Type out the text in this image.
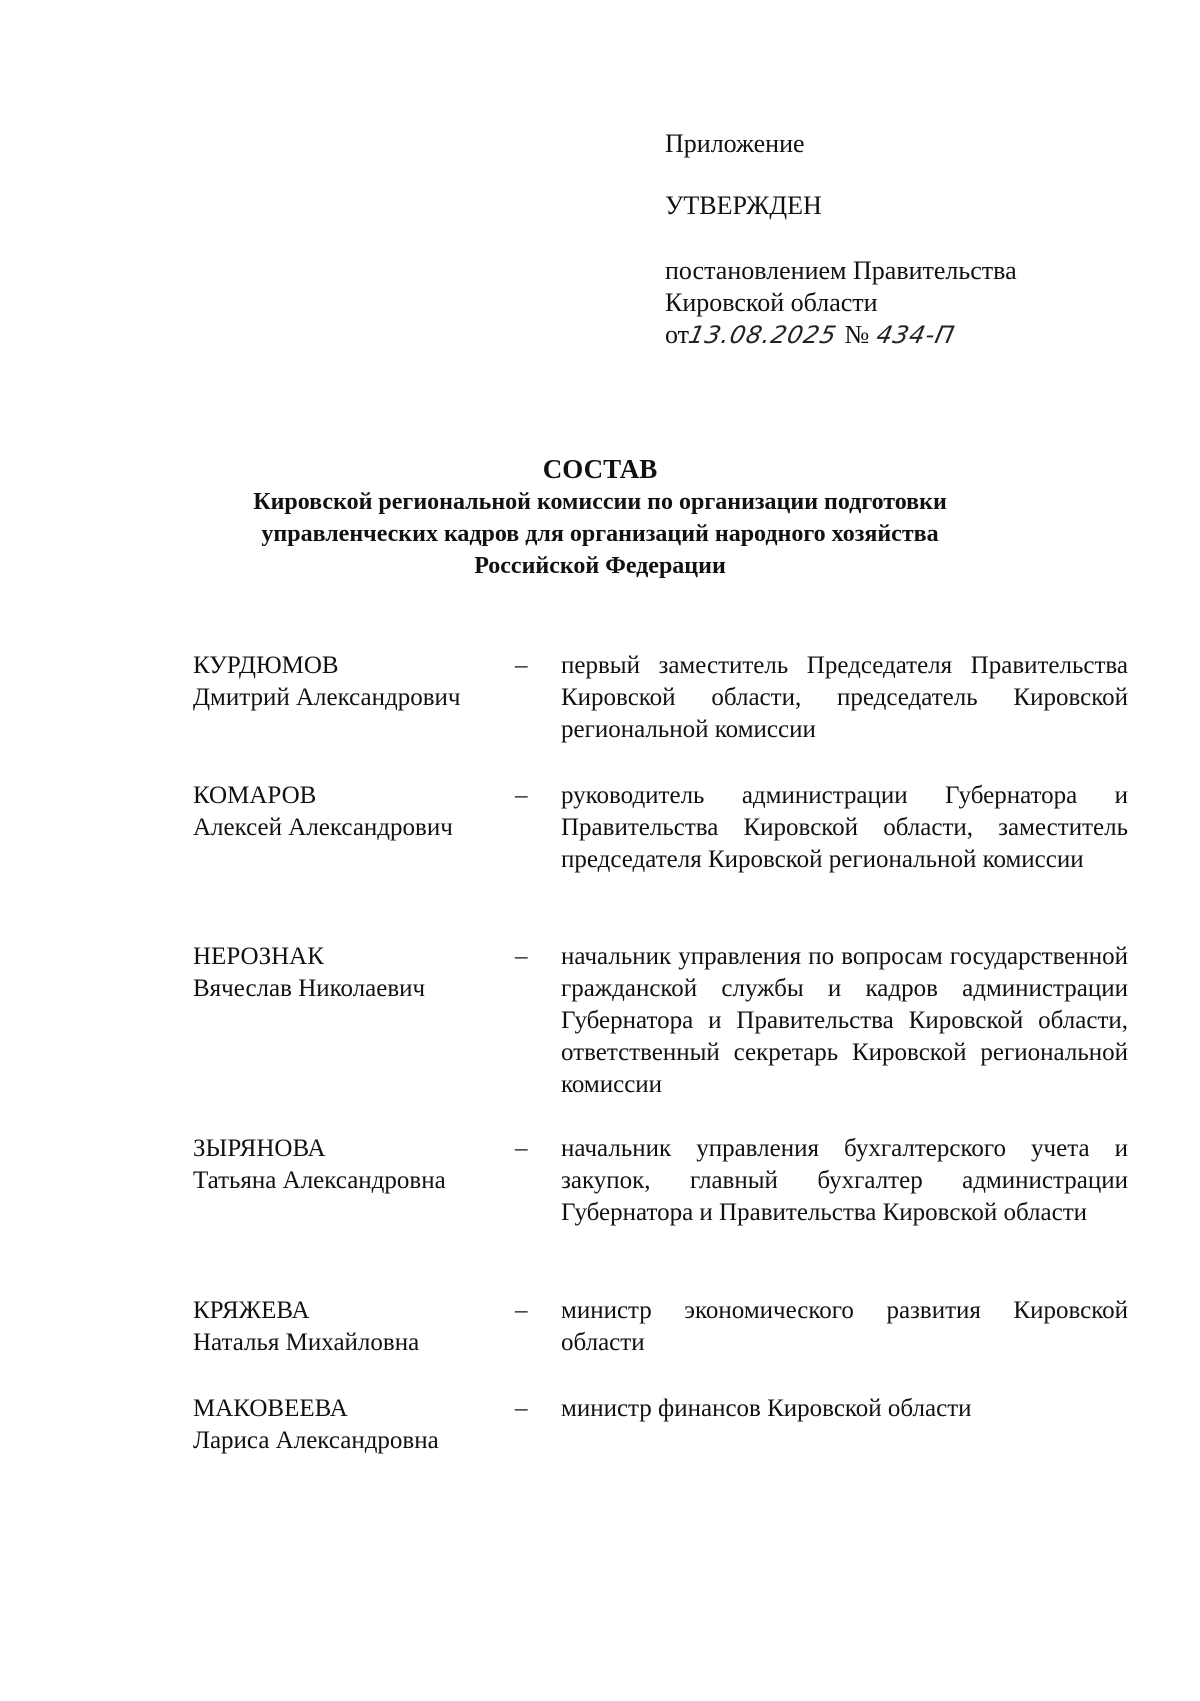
Приложение
УТВЕРЖДЕН
постановлением Правительства
Кировской области
от13.08.2025 № 434-П
СОСТАВ
Кировской региональной комиссии по организации подготовки
управленческих кадров для организаций народного хозяйства
Российской Федерации
КУРДЮМОВ
Дмитрий Александрович
– первый заместитель Председателя Правительства Кировской области, председатель Кировской региональной комиссии
КОМАРОВ
Алексей Александрович
– руководитель администрации Губернатора и Правительства Кировской области, заместитель председателя Кировской региональной комиссии
НЕРОЗНАК
Вячеслав Николаевич
– начальник управления по вопросам государственной гражданской службы и кадров администрации Губернатора и Правительства Кировской области, ответственный секретарь Кировской региональной комиссии
ЗЫРЯНОВА
Татьяна Александровна
– начальник управления бухгалтерского учета и закупок, главный бухгалтер администрации Губернатора и Правительства Кировской области
КРЯЖЕВА
Наталья Михайловна
– министр экономического развития Кировской области
МАКОВЕЕВА
Лариса Александровна
– министр финансов Кировской области
